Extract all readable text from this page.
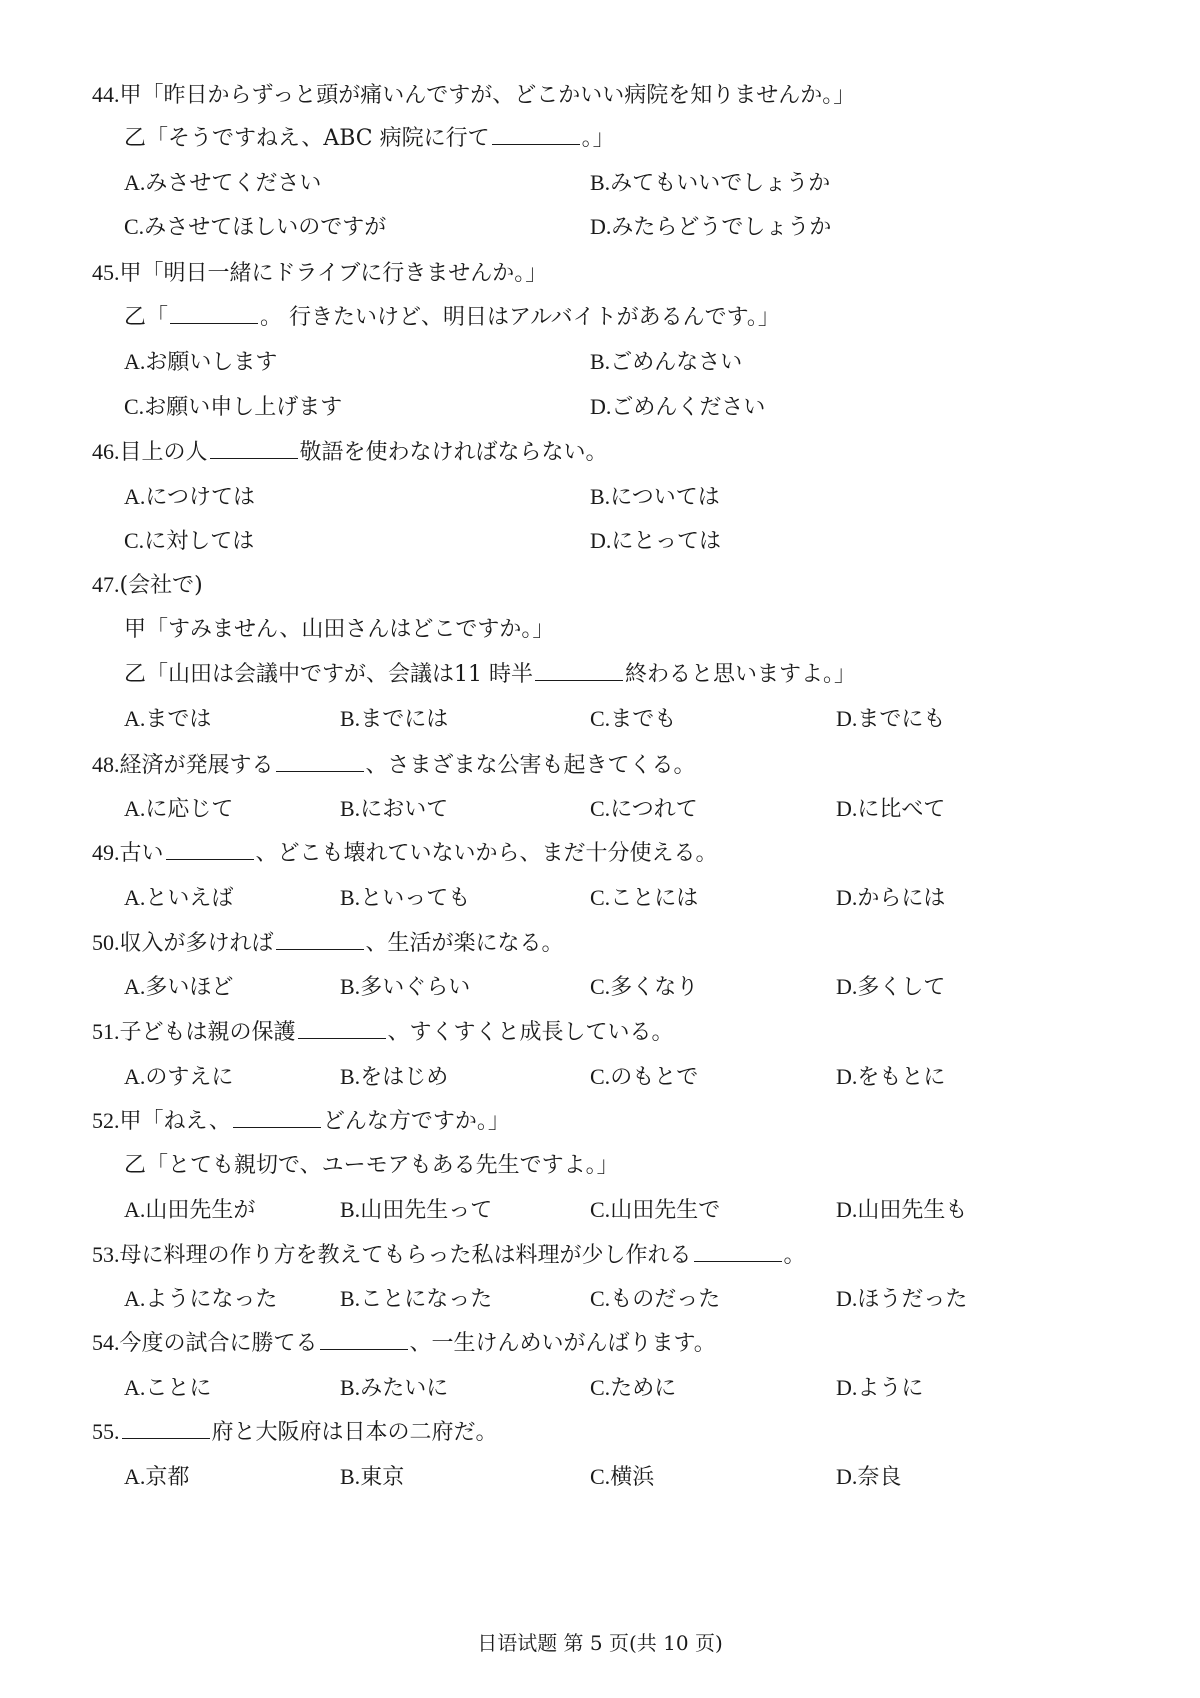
44.甲「昨日からずっと頭が痛いんですが、どこかいい病院を知りませんか。」
乙「そうですねえ、ABC 病院に行て	。」
A.みさせてください	B.みてもいいでしょうか
C.みさせてほしいのですが	D.みたらどうでしょうか
45.甲「明日一緒にドライブに行きませんか。」
乙「	。 行きたいけど、明日はアルバイトがあるんです。」
A.お願いします	B.ごめんなさい
C.お願い申し上げます	D.ごめんください
46.目上の人	敬語を使わなければならない。
A.につけては	B.については
C.に対しては	D.にとっては
47.(会社で)
甲「すみません、山田さんはどこですか。」
乙「山田は会議中ですが、会議は11 時半	終わると思いますよ。」
A.までは	B.までには	C.までも	D.までにも
48.経済が発展する	、さまざまな公害も起きてくる。
A.に応じて	B.において	C.につれて	D.に比べて
49.古い	、どこも壊れていないから、まだ十分使える。
A.といえば	B.といっても	C.ことには	D.からには
50.収入が多ければ	、生活が楽になる。
A.多いほど	B.多いぐらい	C.多くなり	D.多くして
51.子どもは親の保護	、すくすくと成長している。
A.のすえに	B.をはじめ	C.のもとで	D.をもとに
52.甲「ねえ、	どんな方ですか。」
乙「とても親切で、ユーモアもある先生ですよ。」
A.山田先生が	B.山田先生って	C.山田先生で	D.山田先生も
53.母に料理の作り方を教えてもらった私は料理が少し作れる	。
A.ようになった	B.ことになった	C.ものだった	D.ほうだった
54.今度の試合に勝てる	、一生けんめいがんばります。
A.ことに	B.みたいに	C.ために	D.ように
55.	府と大阪府は日本の二府だ。
A.京都	B.東京	C.横浜	D.奈良
日语试题 第 5 页(共 10 页)
